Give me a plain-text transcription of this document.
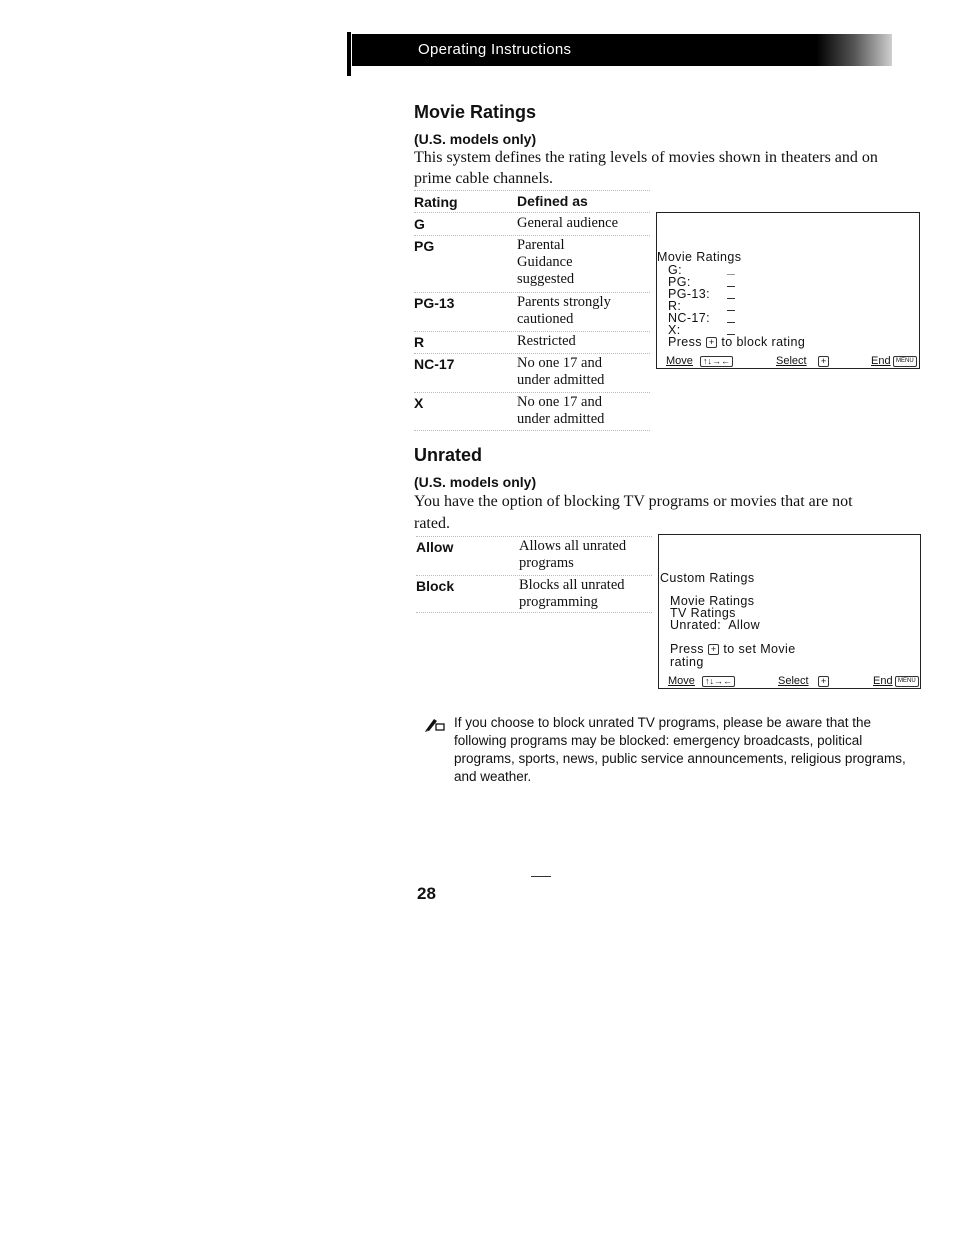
Operating Instructions
Movie Ratings
(U.S. models only)
This system defines the rating levels of movies shown in theaters and on
prime cable channels.
Rating	Defined as
G	General audience
PG	Parental Guidance suggested
PG-13	Parents strongly cautioned
R	Restricted
NC-17	No one 17 and under admitted
X	No one 17 and under admitted
Movie Ratings
G:
PG:
PG-13:
R:
NC-17:
X:
Press + to block rating
Move	↑↓→←	Select	+	End MENU
Unrated
(U.S. models only)
You have the option of blocking TV programs or movies that are not
rated.
Allow	Allows all unrated programs
Block	Blocks all unrated programming
Custom Ratings
Movie Ratings
TV Ratings
Unrated:  Allow
Press + to set Movie
rating
Move	↑↓→←	Select	+	End MENU
If you choose to block unrated TV programs, please be aware that the following programs may be blocked: emergency broadcasts, political programs, sports, news, public service announcements, religious programs, and weather.
28
